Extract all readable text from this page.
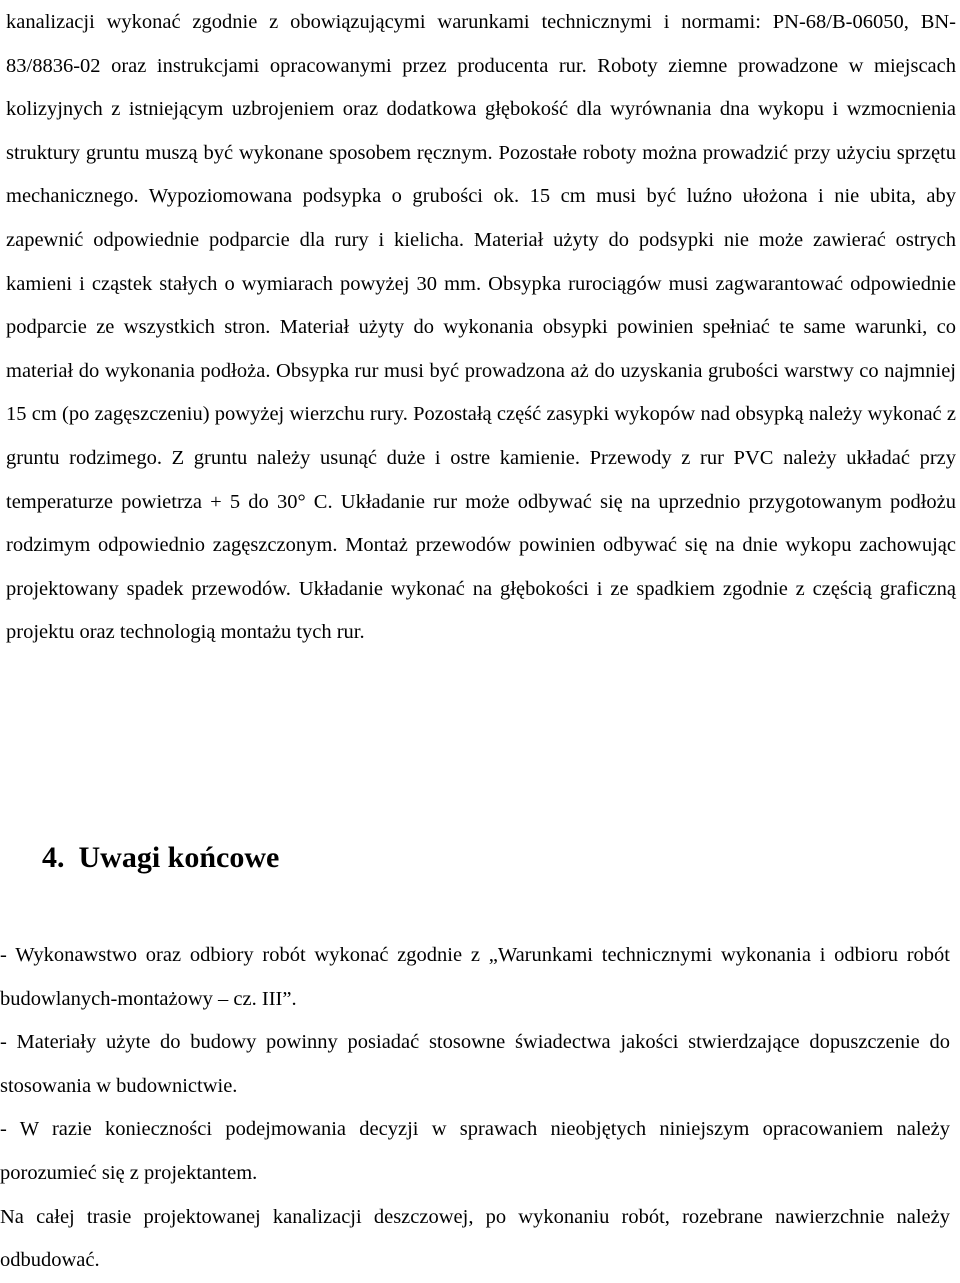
kanalizacji wykonać zgodnie z obowiązującymi warunkami technicznymi i normami: PN-68/B-06050, BN-83/8836-02 oraz instrukcjami opracowanymi przez producenta rur. Roboty ziemne prowadzone w miejscach kolizyjnych z istniejącym uzbrojeniem oraz dodatkowa głębokość dla wyrównania dna wykopu i wzmocnienia struktury gruntu muszą być wykonane sposobem ręcznym. Pozostałe roboty można prowadzić przy użyciu sprzętu mechanicznego. Wypoziomowana podsypka o grubości ok. 15 cm musi być luźno ułożona i nie ubita, aby zapewnić odpowiednie podparcie dla rury i kielicha. Materiał użyty do podsypki nie może zawierać ostrych kamieni i cząstek stałych o wymiarach powyżej 30 mm. Obsypka rurociągów musi zagwarantować odpowiednie podparcie ze wszystkich stron. Materiał użyty do wykonania obsypki powinien spełniać te same warunki, co materiał do wykonania podłoża. Obsypka rur musi być prowadzona aż do uzyskania grubości warstwy co najmniej 15 cm (po zagęszczeniu) powyżej wierzchu rury. Pozostałą część zasypki wykopów nad obsypką należy wykonać z gruntu rodzimego. Z gruntu należy usunąć duże i ostre kamienie. Przewody z rur PVC należy układać przy temperaturze powietrza + 5 do 30° C. Układanie rur może odbywać się na uprzednio przygotowanym podłożu rodzimym odpowiednio zagęszczonym. Montaż przewodów powinien odbywać się na dnie wykopu zachowując projektowany spadek przewodów. Układanie wykonać na głębokości i ze spadkiem zgodnie z częścią graficzną projektu oraz technologią montażu tych rur.

4. Uwagi końcowe

- Wykonawstwo oraz odbiory robót wykonać zgodnie z „Warunkami technicznymi wykonania i odbioru robót budowlanych-montażowy – cz. III”.

- Materiały użyte do budowy powinny posiadać stosowne świadectwa jakości stwierdzające dopuszczenie do stosowania w budownictwie.

- W razie konieczności podejmowania decyzji w sprawach nieobjętych niniejszym opracowaniem należy porozumieć się z projektantem.

Na całej trasie projektowanej kanalizacji deszczowej, po wykonaniu robót, rozebrane nawierzchnie należy odbudować.
